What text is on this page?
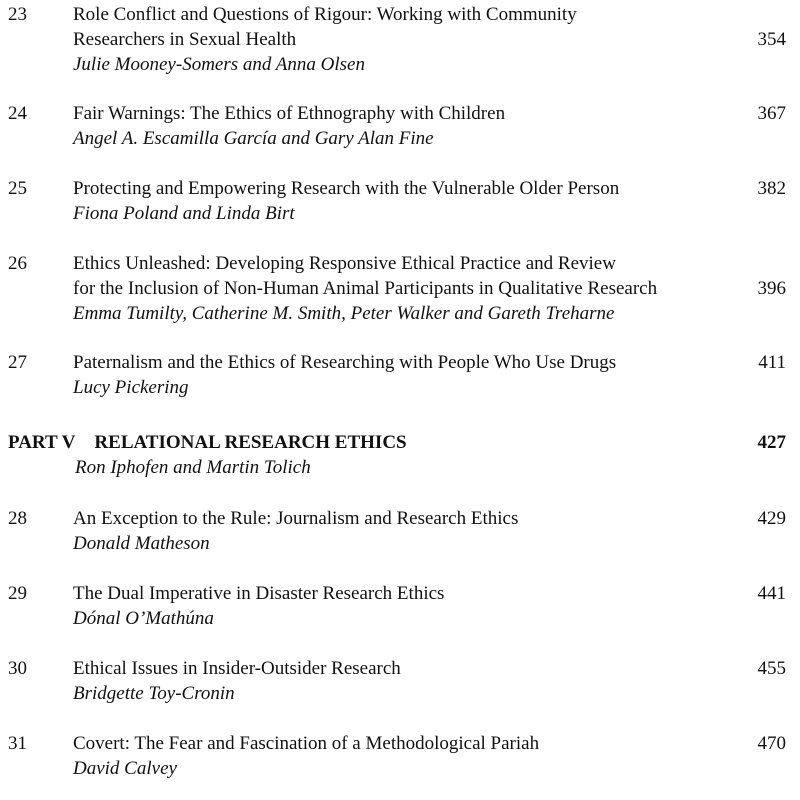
23 Role Conflict and Questions of Rigour: Working with Community
Researchers in Sexual Health
Julie Mooney-Somers and Anna Olsen
354
24 Fair Warnings: The Ethics of Ethnography with Children
Angel A. Escamilla García and Gary Alan Fine
367
25 Protecting and Empowering Research with the Vulnerable Older Person
Fiona Poland and Linda Birt
382
26 Ethics Unleashed: Developing Responsive Ethical Practice and Review
for the Inclusion of Non-Human Animal Participants in Qualitative Research
Emma Tumilty, Catherine M. Smith, Peter Walker and Gareth Treharne
396
27 Paternalism and the Ethics of Researching with People Who Use Drugs
Lucy Pickering
411
PART V RELATIONAL RESEARCH ETHICS
Ron Iphofen and Martin Tolich
427
28 An Exception to the Rule: Journalism and Research Ethics
Donald Matheson
429
29 The Dual Imperative in Disaster Research Ethics
Dónal O’Mathúna
441
30 Ethical Issues in Insider-Outsider Research
Bridgette Toy-Cronin
455
31 Covert: The Fear and Fascination of a Methodological Pariah
David Calvey
470
